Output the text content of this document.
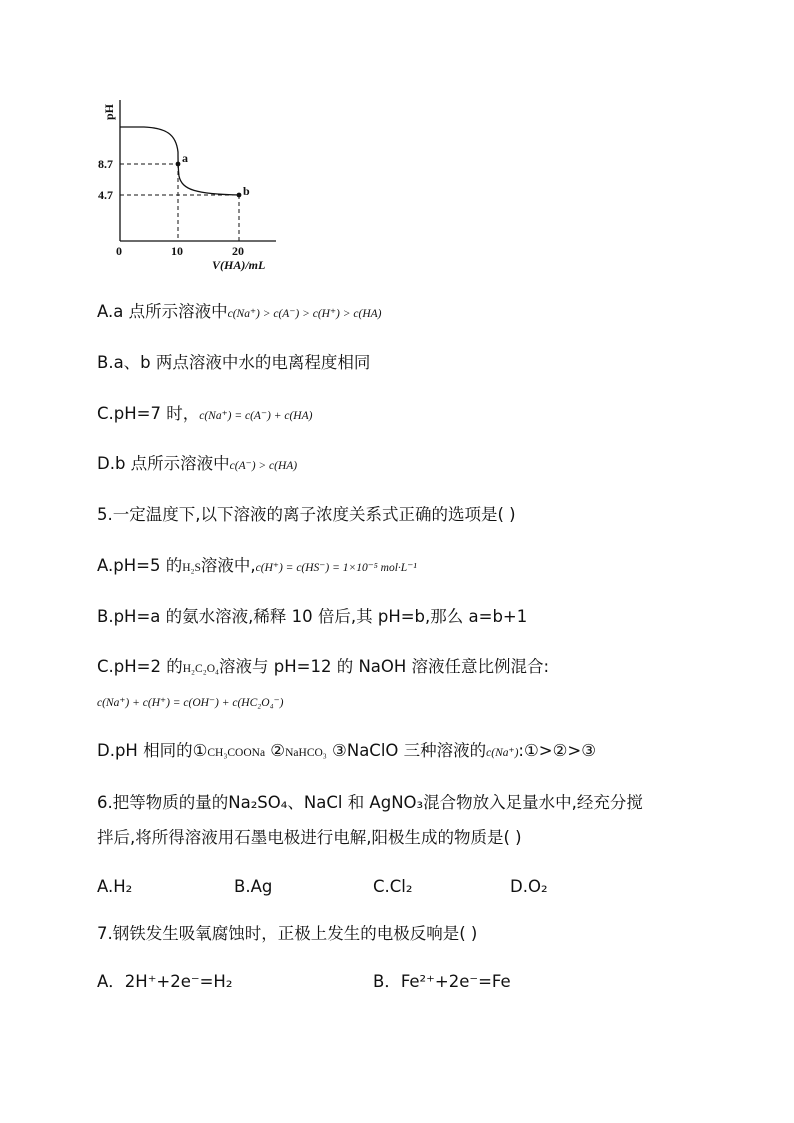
pH
a
b
8.7
4.7
0	10	20
V(HA)/mL
A.a 点所示溶液中c(Na⁺) > c(A⁻) > c(H⁺) > c(HA)
B.a、b 两点溶液中水的电离程度相同
C.pH=7 时，c(Na⁺) = c(A⁻) + c(HA)
D.b 点所示溶液中c(A⁻) > c(HA)
5.一定温度下,以下溶液的离子浓度关系式正确的选项是( )
A.pH=5 的H₂S溶液中,c(H⁺) = c(HS⁻) = 1×10⁻⁵ mol·L⁻¹
B.pH=a 的氨水溶液,稀释 10 倍后,其 pH=b,那么 a=b+1
C.pH=2 的H₂C₂O₄溶液与 pH=12 的 NaOH 溶液任意比例混合:
c(Na⁺) + c(H⁺) = c(OH⁻) + c(HC₂O₄⁻)
D.pH 相同的①CH₃COONa ②NaHCO₃ ③NaClO 三种溶液的c(Na⁺):①>②>③
6.把等物质的量的Na₂SO₄、NaCl 和 AgNO₃混合物放入足量水中,经充分搅
拌后,将所得溶液用石墨电极进行电解,阳极生成的物质是( )
A.H₂	B.Ag	C.Cl₂	D.O₂
7.钢铁发生吸氧腐蚀时，正极上发生的电极反响是( )
A．2H⁺+2e⁻=H₂	B．Fe²⁺+2e⁻=Fe
